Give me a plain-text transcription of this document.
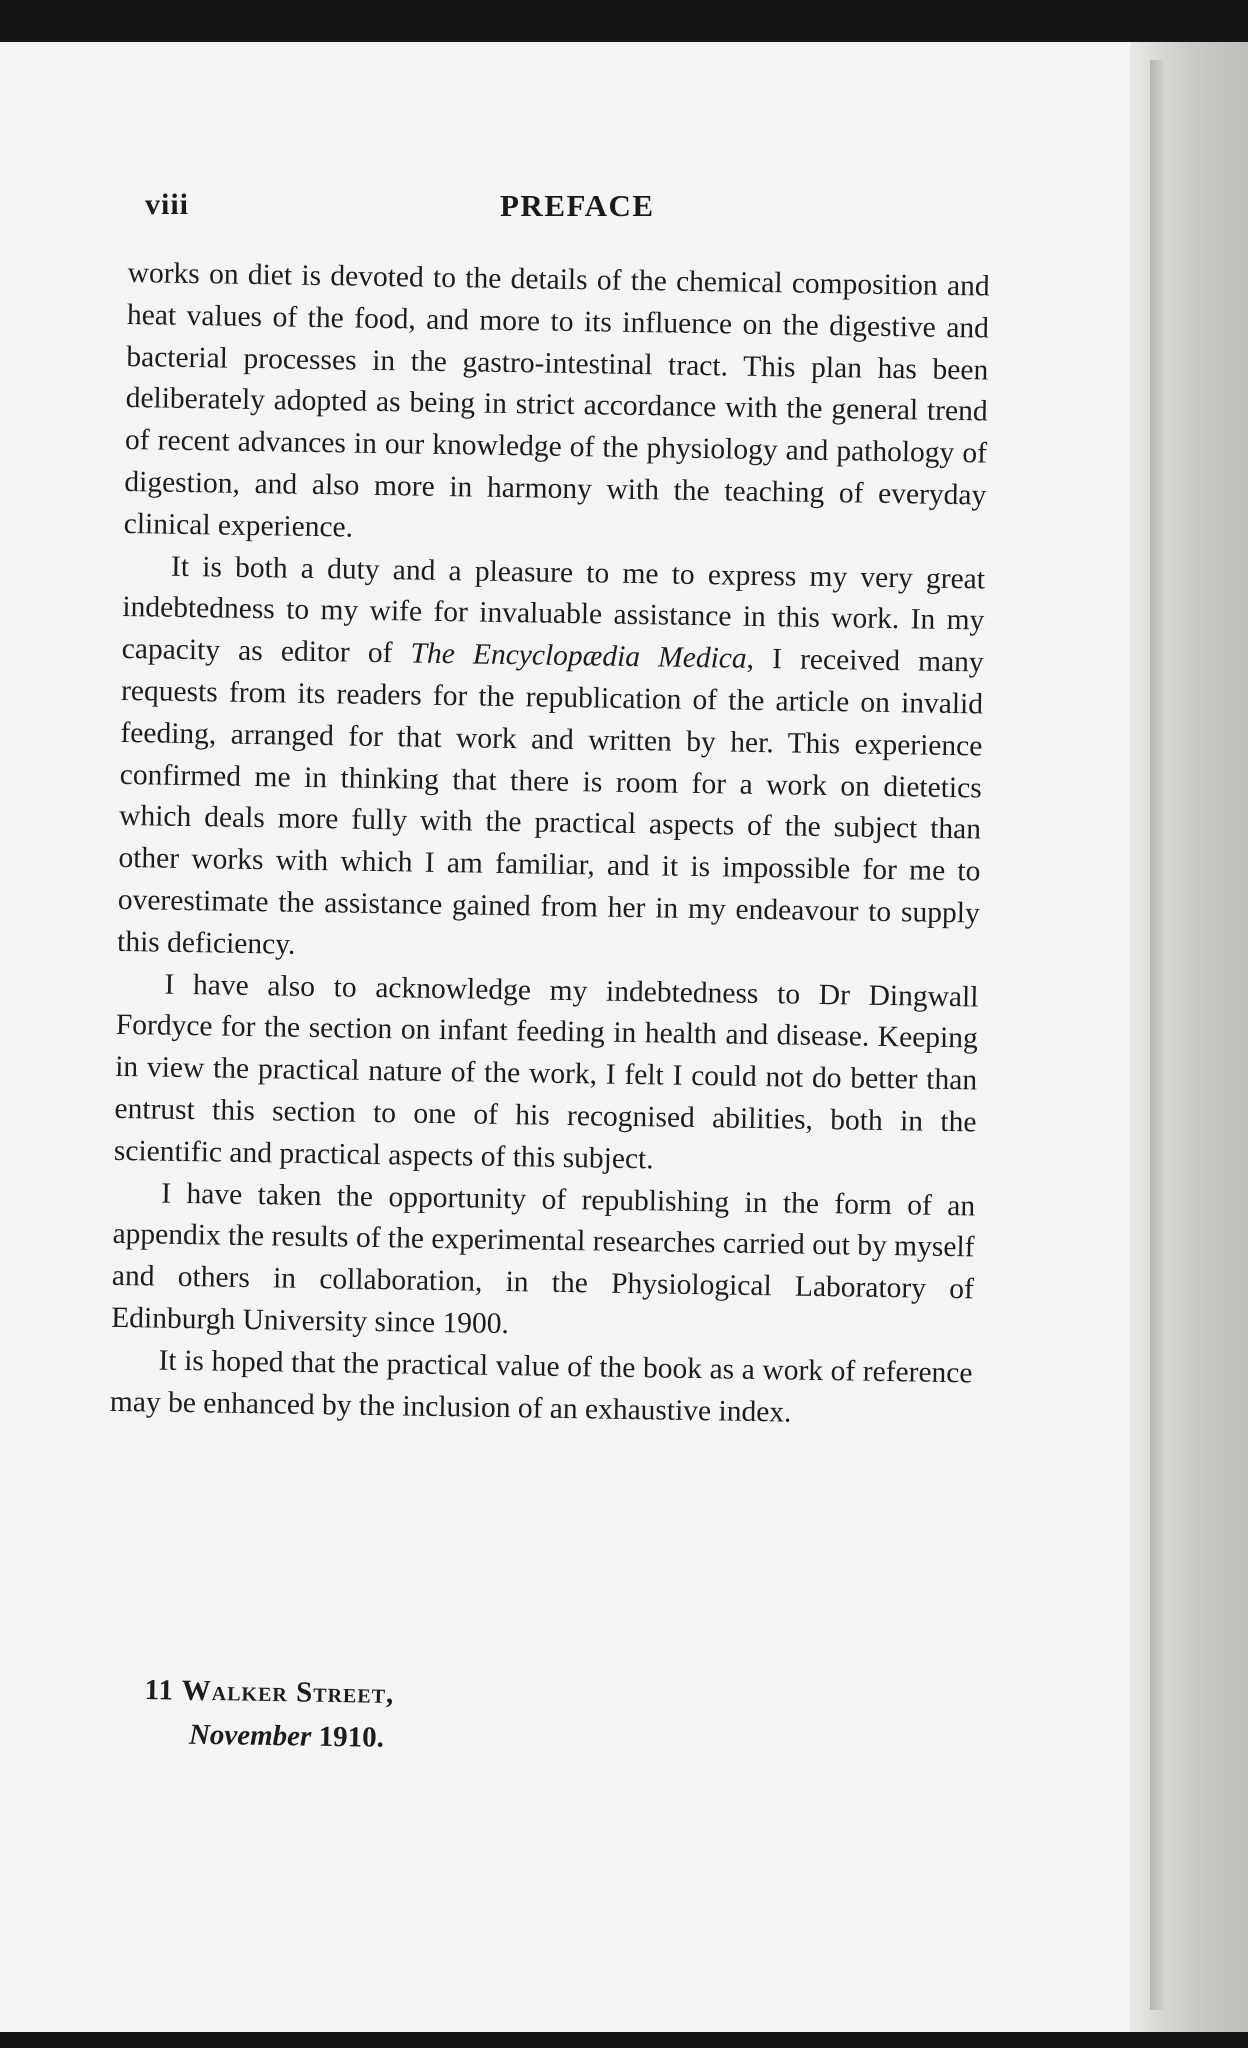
viii	PREFACE

works on diet is devoted to the details of the chemical composition and heat values of the food, and more to its influence on the digestive and bacterial processes in the gastro-intestinal tract. This plan has been deliberately adopted as being in strict accordance with the general trend of recent advances in our knowledge of the physiology and pathology of digestion, and also more in harmony with the teaching of everyday clinical experience.

It is both a duty and a pleasure to me to express my very great indebtedness to my wife for invaluable assistance in this work. In my capacity as editor of The Encyclopædia Medica, I received many requests from its readers for the republication of the article on invalid feeding, arranged for that work and written by her. This experience confirmed me in thinking that there is room for a work on dietetics which deals more fully with the practical aspects of the subject than other works with which I am familiar, and it is impossible for me to overestimate the assistance gained from her in my endeavour to supply this deficiency.

I have also to acknowledge my indebtedness to Dr Dingwall Fordyce for the section on infant feeding in health and disease. Keeping in view the practical nature of the work, I felt I could not do better than entrust this section to one of his recognised abilities, both in the scientific and practical aspects of this subject.

I have taken the opportunity of republishing in the form of an appendix the results of the experimental researches carried out by myself and others in collaboration, in the Physiological Laboratory of Edinburgh University since 1900.

It is hoped that the practical value of the book as a work of reference may be enhanced by the inclusion of an exhaustive index.

11 Walker Street,
November 1910.
